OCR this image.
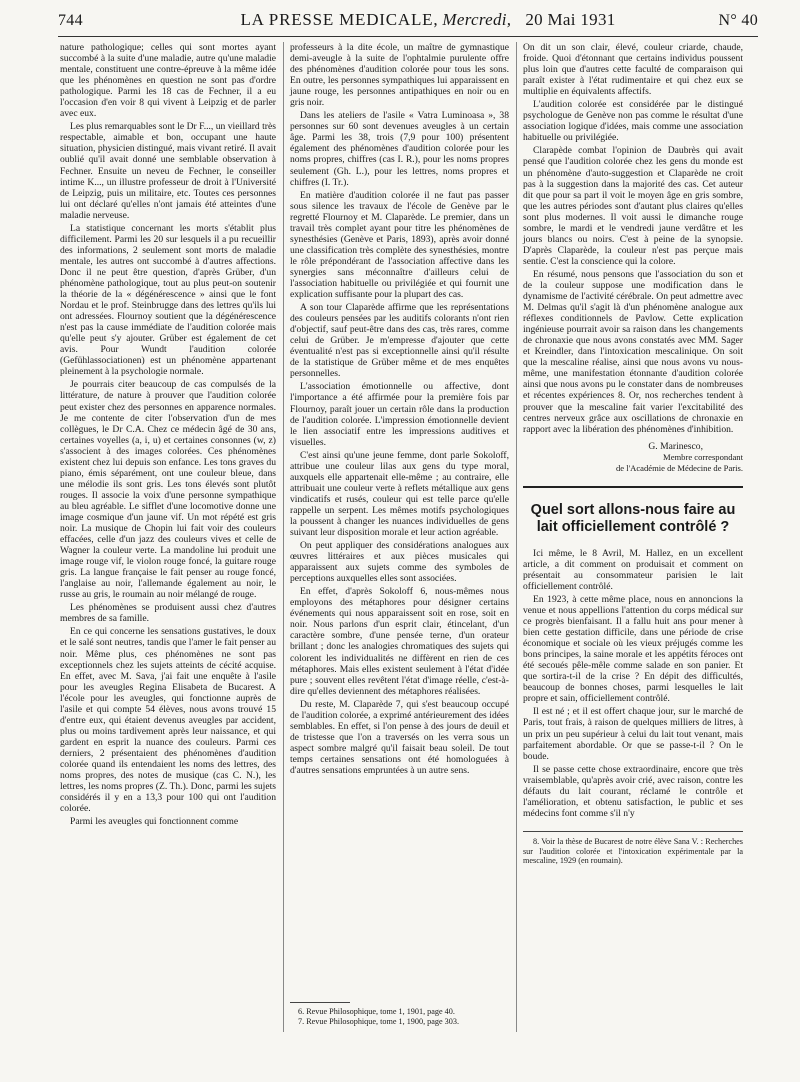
744	LA PRESSE MEDICALE, Mercredi, 20 Mai 1931	N° 40

nature pathologique; celles qui sont mortes ayant succombé à la suite d'une maladie, autre qu'une maladie mentale, constituent une contre-épreuve à la même idée que les phénomènes en question ne sont pas d'ordre pathologique. Parmi les 18 cas de Fechner, il a eu l'occasion d'en voir 8 qui vivent à Leipzig et de parler avec eux.

Les plus remarquables sont le Dr F..., un vieillard très respectable, aimable et bon, occupant une haute situation, physicien distingué, mais vivant retiré. Il avait oublié qu'il avait donné une semblable observation à Fechner. Ensuite un neveu de Fechner, le conseiller intime K..., un illustre professeur de droit à l'Université de Leipzig, puis un militaire, etc. Toutes ces personnes lui ont déclaré qu'elles n'ont jamais été atteintes d'une maladie nerveuse.

La statistique concernant les morts s'établit plus difficilement. Parmi les 20 sur lesquels il a pu recueillir des informations, 2 seulement sont morts de maladie mentale, les autres ont succombé à d'autres affections. Donc il ne peut être question, d'après Grüber, d'un phénomène pathologique, tout au plus peut-on soutenir la théorie de la « dégénérescence » ainsi que le font Nordau et le prof. Steinbrugge dans des lettres qu'ils lui ont adressées. Flournoy soutient que la dégénérescence n'est pas la cause immédiate de l'audition colorée mais qu'elle peut s'y ajouter. Grüber est également de cet avis. Pour Wundt l'audition colorée (Gefühlassociationen) est un phénomène appartenant pleinement à la psychologie normale.

Je pourrais citer beaucoup de cas compulsés de la littérature, de nature à prouver que l'audition colorée peut exister chez des personnes en apparence normales. Je me contente de citer l'observation d'un de mes collègues, le Dr C.A. Chez ce médecin âgé de 30 ans, certaines voyelles (a, i, u) et certaines consonnes (w, z) s'associent à des images colorées. Ces phénomènes existent chez lui depuis son enfance. Les tons graves du piano, émis séparément, ont une couleur bleue, dans une mélodie ils sont gris. Les tons élevés sont plutôt rouges. Il associe la voix d'une personne sympathique au bleu agréable. Le sifflet d'une locomotive donne une image cosmique d'un jaune vif. Un mot répété est gris noir. La musique de Chopin lui fait voir des couleurs effacées, celle d'un jazz des couleurs vives et celle de Wagner la couleur verte. La mandoline lui produit une image rouge vif, le violon rouge foncé, la guitare rouge gris. La langue française le fait penser au rouge foncé, l'anglaise au noir, l'allemande également au noir, le russe au gris, le roumain au noir mélangé de rouge.

Les phénomènes se produisent aussi chez d'autres membres de sa famille.

En ce qui concerne les sensations gustatives, le doux et le salé sont neutres, tandis que l'amer le fait penser au noir. Même plus, ces phénomènes ne sont pas exceptionnels chez les sujets atteints de cécité acquise. En effet, avec M. Sava, j'ai fait une enquête à l'asile pour les aveugles Regina Elisabeta de Bucarest. A l'école pour les aveugles, qui fonctionne auprès de l'asile et qui compte 54 élèves, nous avons trouvé 15 d'entre eux, qui étaient devenus aveugles par accident, plus ou moins tardivement après leur naissance, et qui gardent en esprit la nuance des couleurs. Parmi ces derniers, 2 présentaient des phénomènes d'audition colorée quand ils entendaient les noms des lettres, des noms propres, des notes de musique (cas C. N.), les lettres, les noms propres (Z. Th.). Donc, parmi les sujets considérés il y en a 13,3 pour 100 qui ont l'audition colorée.

Parmi les aveugles qui fonctionnent comme

professeurs à la dite école, un maître de gymnastique demi-aveugle à la suite de l'ophtalmie purulente offre des phénomènes d'audition colorée pour tous les sons. En outre, les personnes sympathiques lui apparaissent en jaune rouge, les personnes antipathiques en noir ou en gris noir.

Dans les ateliers de l'asile « Vatra Luminoasa », 38 personnes sur 60 sont devenues aveugles à un certain âge. Parmi les 38, trois (7,9 pour 100) présentent également des phénomènes d'audition colorée pour les noms propres, chiffres (cas I. R.), pour les noms propres seulement (Gh. L.), pour les lettres, noms propres et chiffres (I. Tr.).

En matière d'audition colorée il ne faut pas passer sous silence les travaux de l'école de Genève par le regretté Flournoy et M. Claparède. Le premier, dans un travail très complet ayant pour titre les phénomènes de synesthésies (Genève et Paris, 1893), après avoir donné une classification très complète des synesthésies, montre le rôle prépondérant de l'association affective dans les synergies sans méconnaître d'ailleurs celui de l'association habituelle ou privilégiée et qui fournit une explication suffisante pour la plupart des cas.

A son tour Claparède affirme que les représentations des couleurs pensées par les auditifs colorants n'ont rien d'objectif, sauf peut-être dans des cas, très rares, comme celui de Grüber. Je m'empresse d'ajouter que cette éventualité n'est pas si exceptionnelle ainsi qu'il résulte de la statistique de Grüber même et de mes enquêtes personnelles.

L'association émotionnelle ou affective, dont l'importance a été affirmée pour la première fois par Flournoy, paraît jouer un certain rôle dans la production de l'audition colorée. L'impression émotionnelle devient le lien associatif entre les impressions auditives et visuelles.

C'est ainsi qu'une jeune femme, dont parle Sokoloff, attribue une couleur lilas aux gens du type moral, auxquels elle appartenait elle-même ; au contraire, elle attribuait une couleur verte à reflets métallique aux gens vindicatifs et rusés, couleur qui est telle parce qu'elle rappelle un serpent. Les mêmes motifs psychologiques la poussent à changer les nuances individuelles de gens suivant leur disposition morale et leur action agréable.

On peut appliquer des considérations analogues aux œuvres littéraires et aux pièces musicales qui apparaissent aux sujets comme des symboles de perceptions auxquelles elles sont associées.

En effet, d'après Sokoloff 6, nous-mêmes nous employons des métaphores pour désigner certains événements qui nous apparaissent soit en rose, soit en noir. Nous parlons d'un esprit clair, étincelant, d'un caractère sombre, d'une pensée terne, d'un orateur brillant ; donc les analogies chromatiques des sujets qui colorent les individualités ne diffèrent en rien de ces métaphores. Mais elles existent seulement à l'état d'idée pure ; souvent elles revêtent l'état d'image réelle, c'est-à-dire qu'elles deviennent des métaphores réalisées.

Du reste, M. Claparède 7, qui s'est beaucoup occupé de l'audition colorée, a exprimé antérieurement des idées semblables. En effet, si l'on pense à des jours de deuil et de tristesse que l'on a traversés on les verra sous un aspect sombre malgré qu'il faisait beau soleil. De tout temps certaines sensations ont été homologuées à d'autres sensations empruntées à un autre sens.

6. Revue Philosophique, tome 1, 1901, page 40.

7. Revue Philosophique, tome 1, 1900, page 303.

On dit un son clair, élevé, couleur criarde, chaude, froide. Quoi d'étonnant que certains individus poussent plus loin que d'autres cette faculté de comparaison qui paraît exister à l'état rudimentaire et qui chez eux se multiplie en équivalents affectifs.

L'audition colorée est considérée par le distingué psychologue de Genève non pas comme le résultat d'une association logique d'idées, mais comme une association habituelle ou privilégiée.

Clarapède combat l'opinion de Daubrès qui avait pensé que l'audition colorée chez les gens du monde est un phénomène d'auto-suggestion et Claparède ne croit pas à la suggestion dans la majorité des cas. Cet auteur dit que pour sa part il voit le moyen âge en gris sombre, que les autres périodes sont d'autant plus claires qu'elles sont plus modernes. Il voit aussi le dimanche rouge sombre, le mardi et le vendredi jaune verdâtre et les jours blancs ou noirs. C'est à peine de la synopsie. D'après Claparède, la couleur n'est pas perçue mais sentie. C'est la conscience qui la colore.

En résumé, nous pensons que l'association du son et de la couleur suppose une modification dans le dynamisme de l'activité cérébrale. On peut admettre avec M. Delmas qu'il s'agit là d'un phénomène analogue aux réflexes conditionnels de Pavlow. Cette explication ingénieuse pourrait avoir sa raison dans les changements de chronaxie que nous avons constatés avec MM. Sager et Kreindler, dans l'intoxication mescalinique. On soit que la mescaline réalise, ainsi que nous avons vu nous-même, une manifestation étonnante d'audition colorée ainsi que nous avons pu le constater dans de nombreuses et récentes expériences 8. Or, nos recherches tendent à prouver que la mescaline fait varier l'excitabilité des centres nerveux grâce aux oscillations de chronaxie en rapport avec la libération des phénomènes d'inhibition.

G. Marinesco,
Membre correspondant
de l'Académie de Médecine de Paris.
Quel sort allons-nous faire au lait officiellement contrôlé ?

Ici même, le 8 Avril, M. Hallez, en un excellent article, a dit comment on produisait et comment on présentait au consommateur parisien le lait officiellement contrôlé.

En 1923, à cette même place, nous en annoncions la venue et nous appellions l'attention du corps médical sur ce progrès bienfaisant. Il a fallu huit ans pour mener à bien cette gestation difficile, dans une période de crise économique et sociale où les vieux préjugés comme les bons principes, la saine morale et les appétits féroces ont été secoués pêle-mêle comme salade en son panier. Et que sortira-t-il de la crise ? En dépit des difficultés, beaucoup de bonnes choses, parmi lesquelles le lait propre et sain, officiellement contrôlé.

Il est né ; et il est offert chaque jour, sur le marché de Paris, tout frais, à raison de quelques milliers de litres, à un prix un peu supérieur à celui du lait tout venant, mais parfaitement abordable. Or que se passe-t-il ? On le boude.

Il se passe cette chose extraordinaire, encore que très vraisemblable, qu'après avoir crié, avec raison, contre les défauts du lait courant, réclamé le contrôle et l'amélioration, et obtenu satisfaction, le public et ses médecins font comme s'il n'y

8. Voir la thèse de Bucarest de notre élève Sana V. : Recherches sur l'audition colorée et l'intoxication expérimentale par la mescaline, 1929 (en roumain).
